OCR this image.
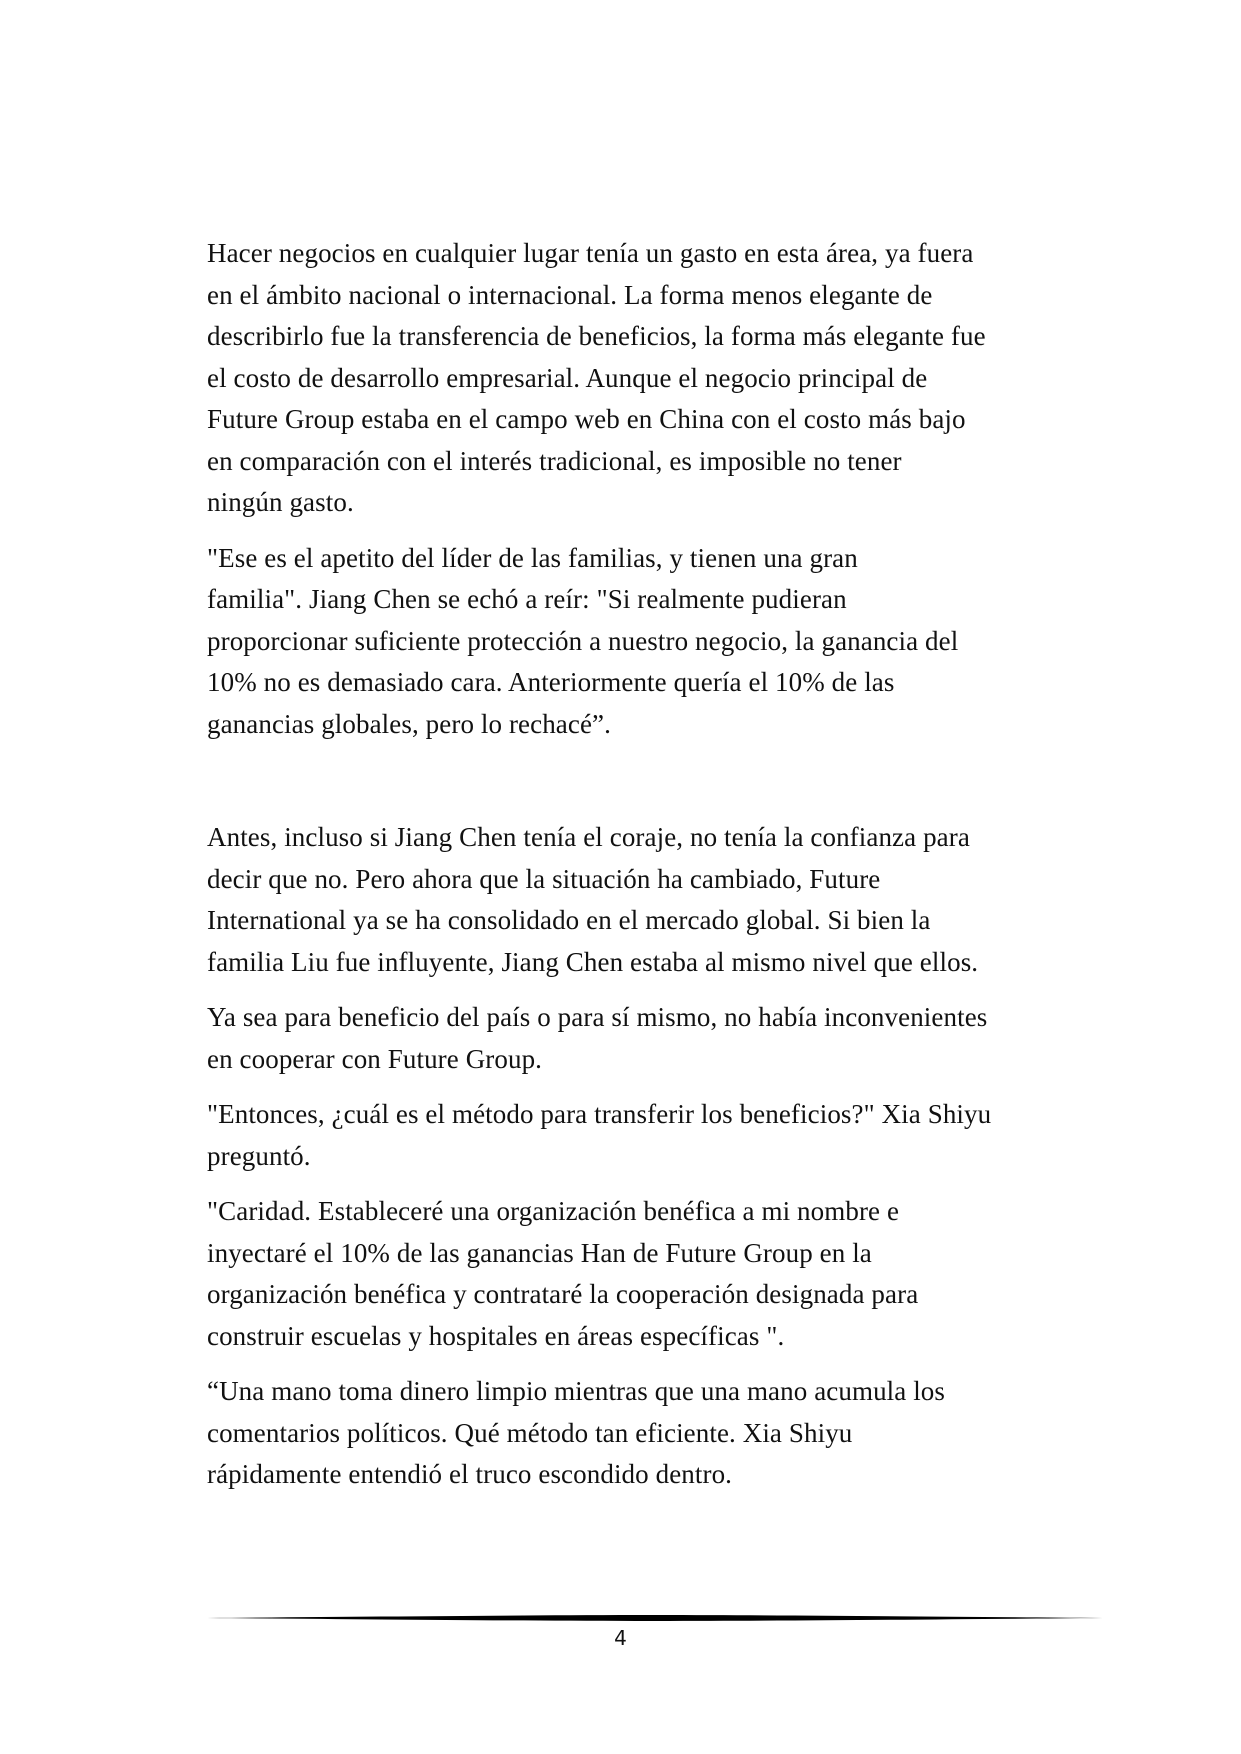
Hacer negocios en cualquier lugar tenía un gasto en esta área, ya fuera
en el ámbito nacional o internacional. La forma menos elegante de
describirlo fue la transferencia de beneficios, la forma más elegante fue
el costo de desarrollo empresarial. Aunque el negocio principal de
Future Group estaba en el campo web en China con el costo más bajo
en comparación con el interés tradicional, es imposible no tener
ningún gasto.

"Ese es el apetito del líder de las familias, y tienen una gran
familia". Jiang Chen se echó a reír: "Si realmente pudieran
proporcionar suficiente protección a nuestro negocio, la ganancia del
10% no es demasiado cara. Anteriormente quería el 10% de las
ganancias globales, pero lo rechacé”.

Antes, incluso si Jiang Chen tenía el coraje, no tenía la confianza para
decir que no. Pero ahora que la situación ha cambiado, Future
International ya se ha consolidado en el mercado global. Si bien la
familia Liu fue influyente, Jiang Chen estaba al mismo nivel que ellos.

Ya sea para beneficio del país o para sí mismo, no había inconvenientes
en cooperar con Future Group.

"Entonces, ¿cuál es el método para transferir los beneficios?" Xia Shiyu
preguntó.

"Caridad. Estableceré una organización benéfica a mi nombre e
inyectaré el 10% de las ganancias Han de Future Group en la
organización benéfica y contrataré la cooperación designada para
construir escuelas y hospitales en áreas específicas ".

“Una mano toma dinero limpio mientras que una mano acumula los
comentarios políticos. Qué método tan eficiente. Xia Shiyu
rápidamente entendió el truco escondido dentro.

4
